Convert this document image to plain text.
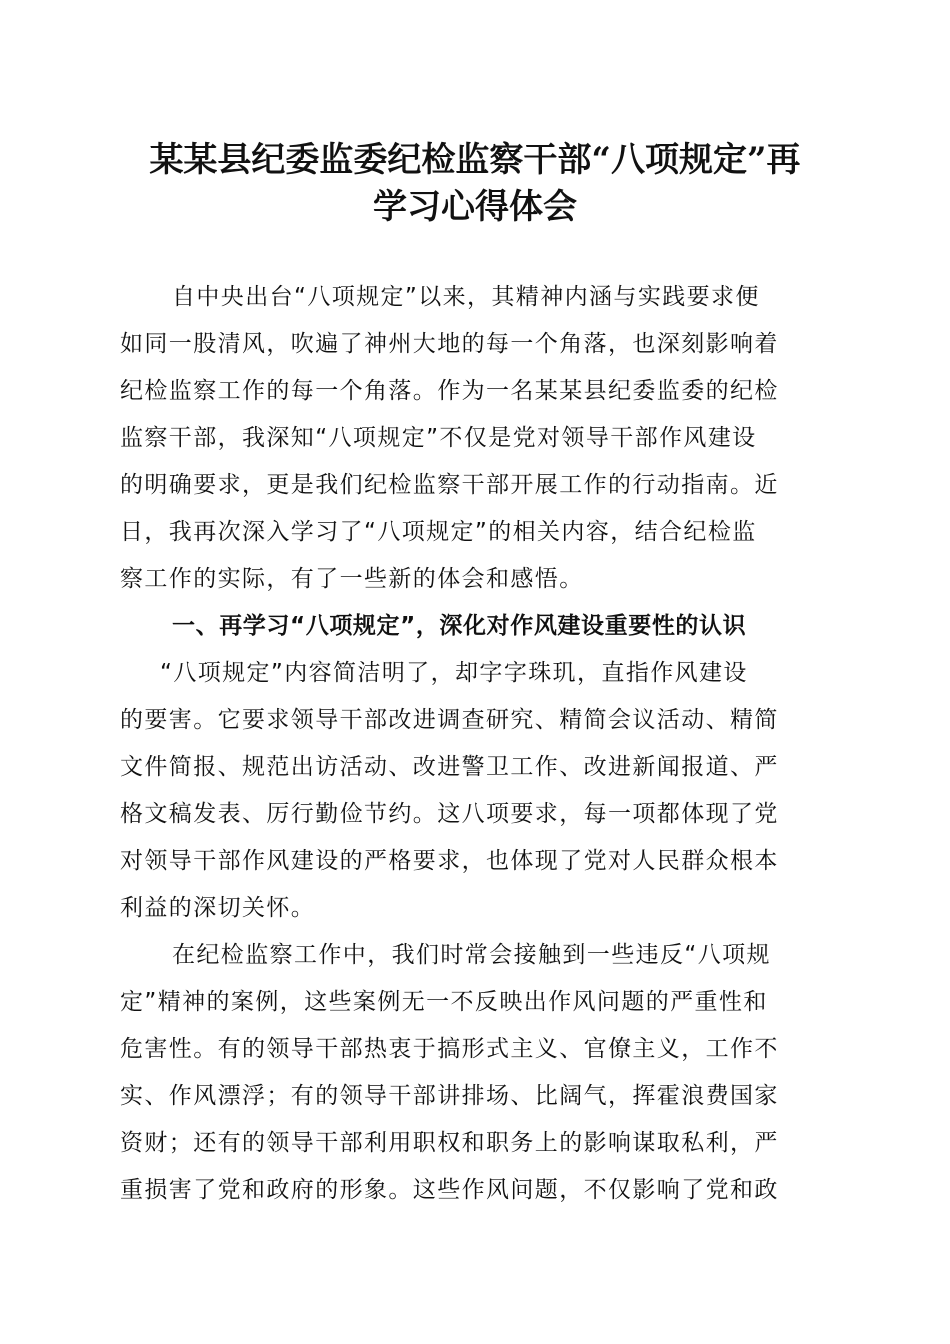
某某县纪委监委纪检监察干部“八项规定”再
学习心得体会

自中央出台“八项规定”以来，其精神内涵与实践要求便

如同一股清风，吹遍了神州大地的每一个角落，也深刻影响着

纪检监察工作的每一个角落。作为一名某某县纪委监委的纪检

监察干部，我深知“八项规定”不仅是党对领导干部作风建设

的明确要求，更是我们纪检监察干部开展工作的行动指南。近

日，我再次深入学习了“八项规定”的相关内容，结合纪检监

察工作的实际，有了一些新的体会和感悟。

一、再学习“八项规定”，深化对作风建设重要性的认识

“八项规定”内容简洁明了，却字字珠玑，直指作风建设

的要害。它要求领导干部改进调查研究、精简会议活动、精简

文件简报、规范出访活动、改进警卫工作、改进新闻报道、严

格文稿发表、厉行勤俭节约。这八项要求，每一项都体现了党

对领导干部作风建设的严格要求，也体现了党对人民群众根本

利益的深切关怀。

在纪检监察工作中，我们时常会接触到一些违反“八项规

定”精神的案例，这些案例无一不反映出作风问题的严重性和

危害性。有的领导干部热衷于搞形式主义、官僚主义，工作不

实、作风漂浮；有的领导干部讲排场、比阔气，挥霍浪费国家

资财；还有的领导干部利用职权和职务上的影响谋取私利，严

重损害了党和政府的形象。这些作风问题，不仅影响了党和政
